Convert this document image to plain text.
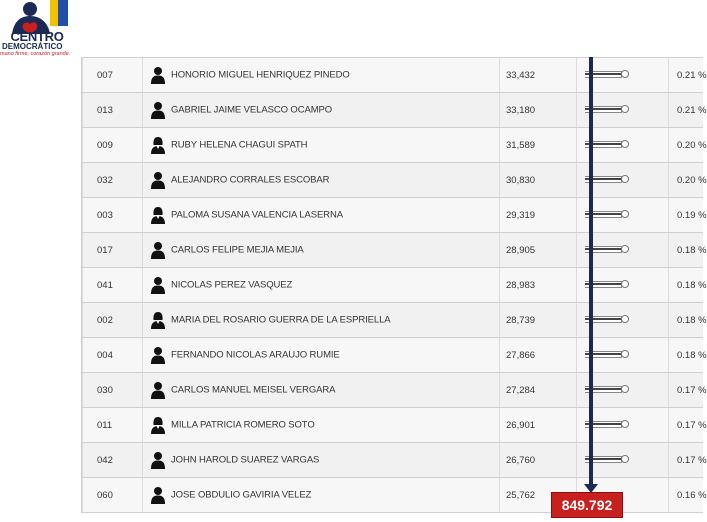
CENTRO
DEMOCRÁTICO
mano firme, corazón grande.
007	HONORIO MIGUEL HENRIQUEZ PINEDO	33,432		0.21 %
013	GABRIEL JAIME VELASCO OCAMPO	33,180		0.21 %
009	RUBY HELENA CHAGUI SPATH	31,589		0.20 %
032	ALEJANDRO CORRALES ESCOBAR	30,830		0.20 %
003	PALOMA SUSANA VALENCIA LASERNA	29,319		0.19 %
017	CARLOS FELIPE MEJIA MEJIA	28,905		0.18 %
041	NICOLAS PEREZ VASQUEZ	28,983		0.18 %
002	MARIA DEL ROSARIO GUERRA DE LA ESPRIELLA	28,739		0.18 %
004	FERNANDO NICOLAS ARAUJO RUMIE	27,866		0.18 %
030	CARLOS MANUEL MEISEL VERGARA	27,284		0.17 %
011	MILLA PATRICIA ROMERO SOTO	26,901		0.17 %
042	JOHN HAROLD SUAREZ VARGAS	26,760		0.17 %
060	JOSE OBDULIO GAVIRIA VELEZ	25,762		0.16 %
849.792
